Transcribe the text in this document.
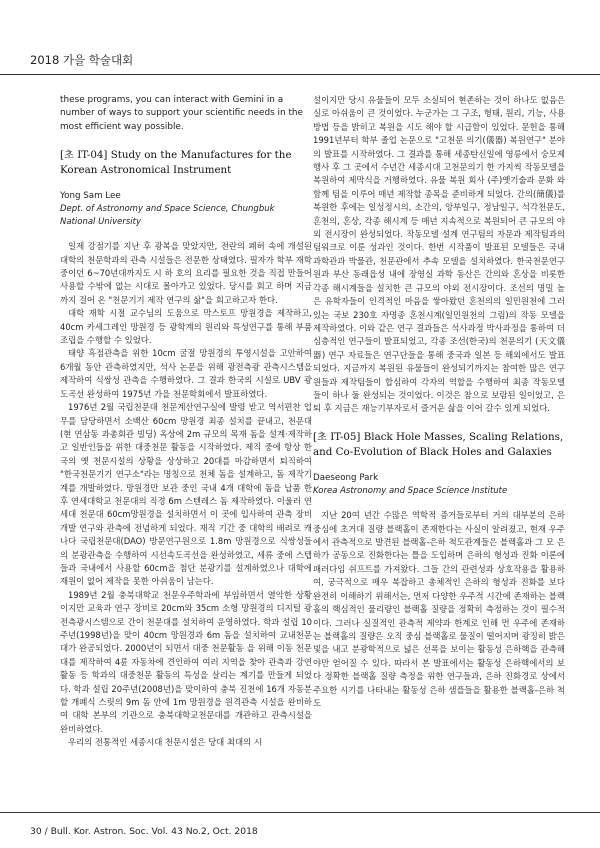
2018 가을 학술대회

these programs, you can interact with Gemini in a number of ways to support your scientific needs in the most efficient way possible.

[초 IT-04] Study on the Manufactures for the Korean Astronomical Instrument

Yong Sam Lee

Dept. of Astronomy and Space Science, Chungbuk National University

일제 강점기를 지난 후 광복을 맞았지만, 전란의 폐허 속에 개설된 대학의 천문학과의 관측 시설들은 전문한 상태였다. 필자가 학부 재학 중이던 6~70년대까지도 시 하 호의 요리를 필요한 것을 직접 만들어 사용할 수밖에 없는 시대로 몰아가고 있었다. 당시를 회고 하며 지금까지 걸어 온 "천문기기 제작 연구의 삶"을 회고하고자 한다.

대학 재학 시절 교수님의 도움으로 막스토프 망원경을 제작하고, 40cm 카세그레인 망원경 등 광학계의 원리와 특성연구를 통해 부품 조립을 수행할 수 있었다.

태양 흑점관측을 위한 10cm 굴절 망원경의 투영시설을 고안하여 6개월 동안 관측하였지만, 석사 논문을 위해 광전측광 관측시스템을 제작하여 식쌍성 관측을 수행하였다. 그 결과 한국의 시설로 UBV 광도곡선 완성하여 1975년 가을 천문학회에서 발표하였다.

1976년 2월 국립천문대 천문계산연구실에 발령 받고 역서편찬 업무를 담당하면서 소백산 60cm 망원경 최종 설치를 끝내고, 천문대(현 연삼동 과총회관 빌딩) 옥상에 2m 규모의 목재 돔을 설계·제작하고 일반인들을 위한 대중천문 활동을 시작하였다. 제직 중에 항상 한국의 옛 천문시설의 상황을 상상하고 20대를 마감하면서 퇴직하여 "한국천문기기 연구소"라는 명칭으로 천체 돔을 설계하고, 돔 제작기계를 개발하였다. 망원경만 보관 중인 국내 4개 대학에 돔을 납품 한 후 연세대학교 천문대의 직경 6m 스텐레스 돔 제작하였다. 이울러 연세대 천문대 60cm망원경을 설치하면서 이 곳에 입사하여 관측 장비개발 연구와 관측에 전념하게 되었다. 재직 기간 중 대학의 배려로 캐나다 국립천문대(DAO) 방문연구원으로 1.8m 망원경으로 식쌍성들의 분광관측을 수행하여 시선속도곡선을 완성하였고, 세류 중에 스텝들과 국내에서 사용할 60cm을 첨단 분광기를 설계하였으나 대학에 재원이 없어 제작을 못한 아쉬움이 남는다.

1989년 2월 충북대학교 천문우주학과에 부임하면서 열악한 상황이지만 교육과 연구 장비로 20cm와 35cm 소형 망원경의 디지털 광전측광시스템으로 간이 천문대를 설치하여 운영하였다. 학과 설립 10 주년(1998년)을 맞이 40cm 망원경과 6m 돔을 설치하여 교내천문대가 완공되었다. 2000년이 되면서 대중 천문활동 을 위해 이동 천문대를 제작하여 4륜 자동차에 견인하여 여러 지역을 찾아 관측과 강연 활동 등 학과의 대중천문 활동의 특성을 살리는 계기를 만들게 되었다. 학과 설립 20주년(2008년)을 맞이하여 충북 진천에 16개 자동분할 개폐식 스릿의 9m 돔 안에 1m 망원경을 원격관측 시설을 완비하여 대학 본부의 기관으로 충북대학교천문대를 개관하고 관측시설을 완비하였다.

우리의 전통적인 세종시대 천문시설은 당대 최대의 시

설이지만 당시 유물들이 모두 소실되어 현존하는 것이 하나도 없음은 실로 아쉬움이 큰 것이었다. 누군가는 그 구조, 형태, 원리, 기능, 사용방법 등을 밝히고 복원을 시도 해야 할 시급함이 있었다. 문헌을 통해 1991년부터 학부 졸업 논문으로 "고천문 의기(儀器) 복원연구" 분야의 발표를 시작하였다. 그 결과를 통해 세종탄신일에 영릉에서 숭모제 행사 후 그 곳에서 수년간 세종시대 고천문의기 한 가지씩 작동모델을 복원하여 제막식을 거행하였다. 유물 복원 회사 (주)옛기술과 문화 와 함께 팀을 이루어 매년 제작할 종목을 준비하게 되었다. 간의(簡儀)를 복원한 후에는 일성정시의, 소간의, 앙부일구, 정남일구, 석각천문도, 혼천의, 혼상, 각종 해시계 등 매년 지속적으로 복원되어 큰 규모의 야외 전시장이 완성되었다. 작동모델 설계 연구팀의 자문과 제작팀과의 팀워크로 이룬 성과인 것이다. 한번 시작품이 발표된 모델들은 국내 과학관과 박물관, 천문관에서 추속 모델을 설치하였다. 한국천문연구원과 부산 동래읍성 내에 장영실 과학 동산은 간의와 혼상을 비롯한 각종 해시계들을 설치한 큰 규모의 야외 전시장이다. 조선의 명밀 높은 유학자들이 인격적인 마음을 쌓아왔던 혼천의의 일민원천에 그러 있는 국보 230호 자명종 혼천시계(일민원천의 그림)의 작동 모델을 제작하였다. 이와 같은 연구 결과들은 석사과정 박사과정을 통하여 더 심층적인 연구들이 발표되었고, 각종 조선(한국)의 천문의기 (天文儀器) 연구 자료들은 연구단들을 통해 중국과 일본 등 해외에서도 발표되었다. 지금까지 복원된 유물들이 완성되기까지는 참여한 많은 연구원들과 제작팀들이 합심하여 각자의 역할을 수행하여 최종 작동모델들이 하나 둘 완성되는 것이었다. 이것은 참으로 보람된 일이었고, 은퇴 후 지금은 재능기부자로서 즐거운 삶을 이어 갈수 있게 되었다.

[초 IT-05] Black Hole Masses, Scaling Relations, and Co-Evolution of Black Holes and Galaxies

Daeseong Park

Korea Astronomy and Space Science Institute

지난 20여 년간 수많은 역학적 증거들로부터 거의 대부분의 은하 중심에 초거대 질량 블랙홀이 존재한다는 사실이 알려졌고, 현재 우주에서 관측적으로 발견된 블랙홀-은하 척도관계들은 블랙홀과 그 모 은하가 공동으로 진화한다는 틀을 도입하며 은하의 형성과 진화 이론에 패러다임 쉬프트를 가져왔다. 그들 간의 관련성과 상호작용을 활용하여, 궁극적으로 매우 복잡하고 총체적인 은하의 형성과 진화를 보다 완전히 이해하기 위해서는, 먼저 다양한 우주적 시간에 존재하는 블랙홀의 핵심적인 물리량인 블랙홀 질량을 정확히 측정하는 것이 필수적이다. 그러나 실질적인 관측적 제약과 한계로 인해 먼 우주에 존재하는 블랙홀의 질량은 오직 중심 블랙홀로 물질이 떨어지며 광징히 밝은 빛을 내고 분광학적으로 넓은 선폭을 보이는 활동성 은하핵을 관측해야만 얻어질 수 있다. 따라서 본 발표에서는 활동성 은하핵에서의 보다 정확한 블랙홀 질량 측정을 위한 연구들과, 은하 진화경로 상에서 주요한 시기를 나타내는 활동성 은하 샘플들을 활용한 블랙홀-은하 척도

30 / Bull. Kor. Astron. Soc. Vol. 43 No.2, Oct. 2018
